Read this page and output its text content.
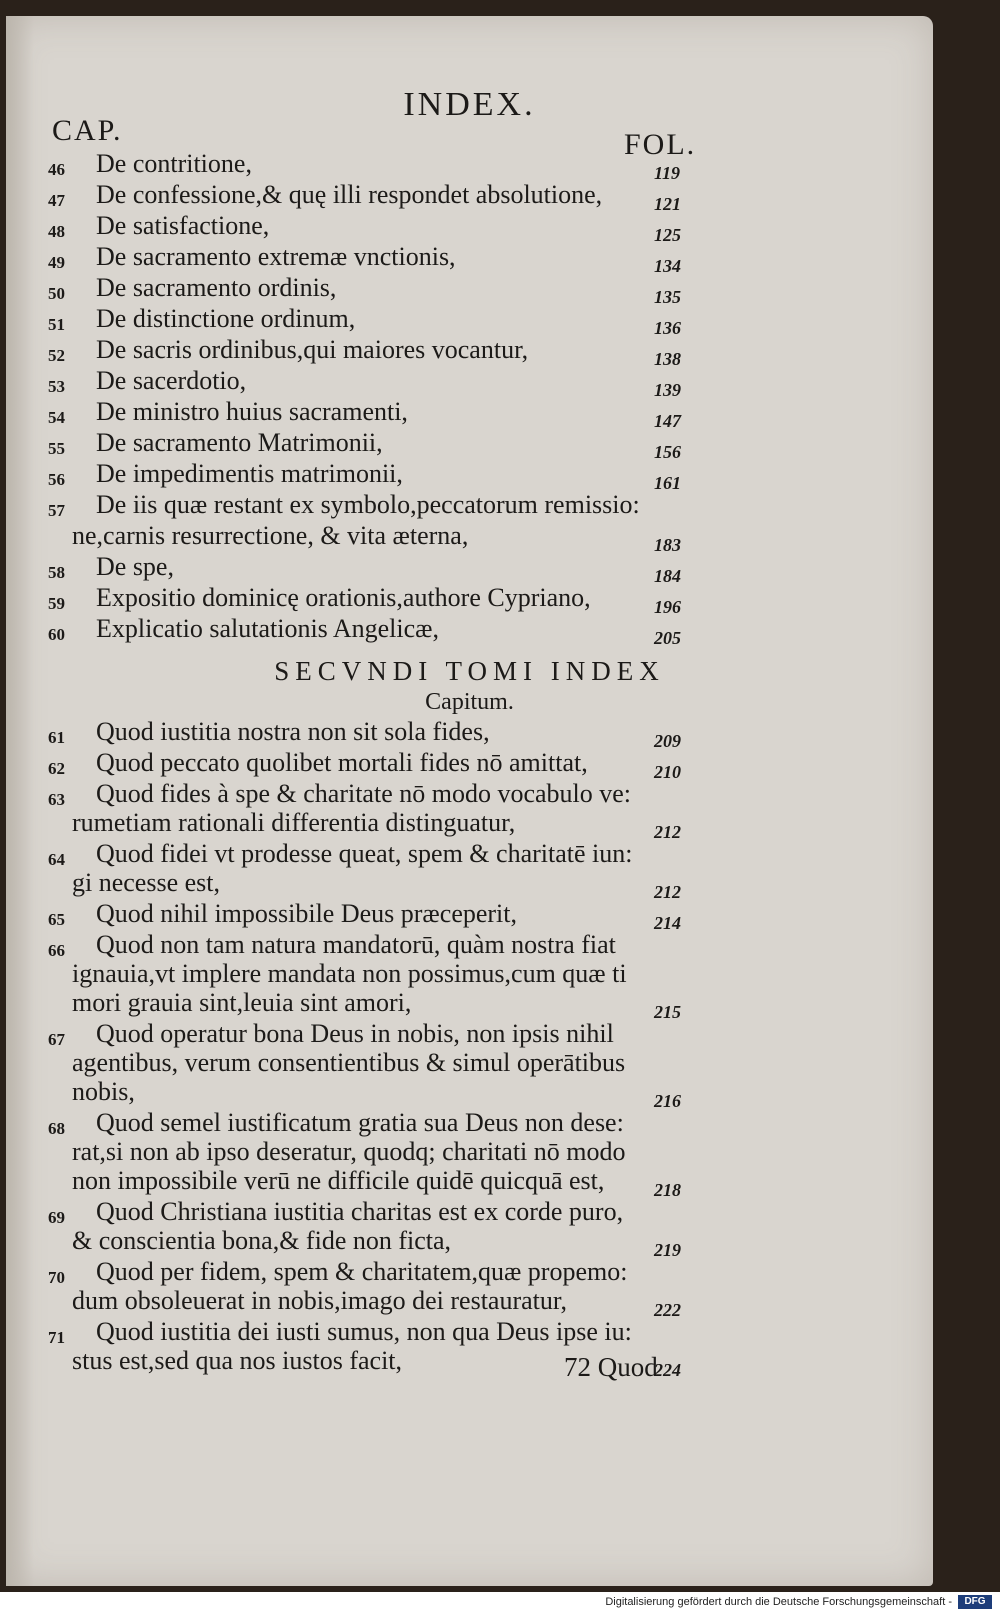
INDEX.
CAP.	FOL.
46 De contritione,	119
47 De confessione,& quę illi respondet absolutione,	121
48 De satisfactione,	125
49 De sacramento extremæ vnctionis,	134
50 De sacramento ordinis,	135
51 De distinctione ordinum,	136
52 De sacris ordinibus,qui maiores vocantur,	138
53 De sacerdotio,	139
54 De ministro huius sacramenti,	147
55 De sacramento Matrimonii,	156
56 De impedimentis matrimonii,	161
57 De iis quæ restant ex symbolo,peccatorum remissio:
ne,carnis resurrectione, & vita æterna,	183
58 De spe,	184
59 Expositio dominicę orationis,authore Cypriano,	196
60 Explicatio salutationis Angelicæ,	205
SECVNDI TOMI INDEX
Capitum.
61 Quod iustitia nostra non sit sola fides,	209
62 Quod peccato quolibet mortali fides nō amittat,	210
63 Quod fides à spe & charitate nō modo vocabulo ve:
rumetiam rationali differentia distinguatur,	212
64 Quod fidei vt prodesse queat, spem & charitatē iun:
gi necesse est,	212
65 Quod nihil impossibile Deus præceperit,	214
66 Quod non tam natura mandatorū, quàm nostra fiat
ignauia,vt implere mandata non possimus,cum quæ ti
mori grauia sint,leuia sint amori,	215
67 Quod operatur bona Deus in nobis, non ipsis nihil
agentibus, verum consentientibus & simul operātibus
nobis,	216
68 Quod semel iustificatum gratia sua Deus non dese:
rat,si non ab ipso deseratur, quodq; charitati nō modo
non impossibile verū ne difficile quidē quicquā est,	218
69 Quod Christiana iustitia charitas est ex corde puro,
& conscientia bona,& fide non ficta,	219
70 Quod per fidem, spem & charitatem,quæ propemo:
dum obsoleuerat in nobis,imago dei restauratur,	222
71 Quod iustitia dei iusti sumus, non qua Deus ipse iu:
stus est,sed qua nos iustos facit,	224
72 Quod
Digitalisierung gefördert durch die Deutsche Forschungsgemeinschaft -	DFG
